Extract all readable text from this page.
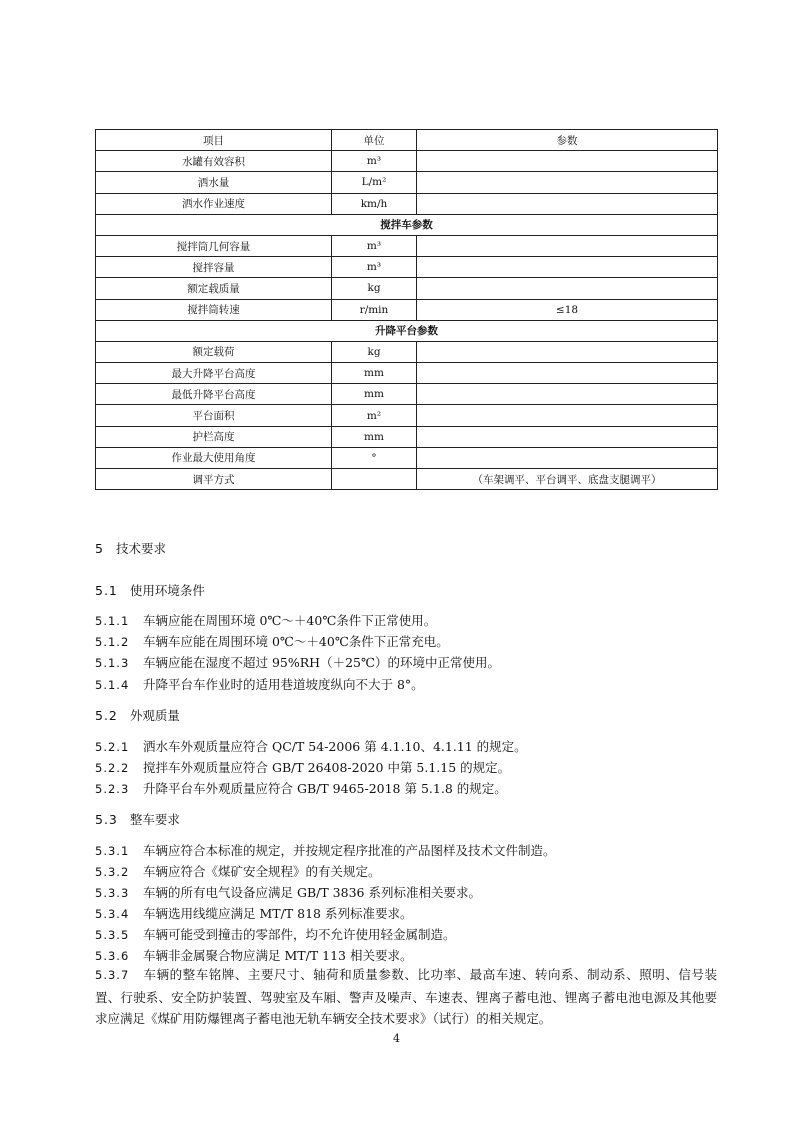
项目	单位	参数
水罐有效容积	m³	
洒水量	L/m²	
洒水作业速度	km/h	
搅拌车参数		
搅拌筒几何容量	m³	
搅拌容量	m³	
额定载质量	kg	
搅拌筒转速	r/min	≤18
升降平台参数		
额定载荷	kg	
最大升降平台高度	mm	
最低升降平台高度	mm	
平台面积	m²	
护栏高度	mm	
作业最大使用角度	°	
调平方式		（车架调平、平台调平、底盘支腿调平）
5 技术要求
5.1 使用环境条件
5.1.1 车辆应能在周围环境 0℃～＋40℃条件下正常使用。
5.1.2 车辆车应能在周围环境 0℃～＋40℃条件下正常充电。
5.1.3 车辆应能在湿度不超过 95%RH（＋25℃）的环境中正常使用。
5.1.4 升降平台车作业时的适用巷道坡度纵向不大于 8°。
5.2 外观质量
5.2.1 洒水车外观质量应符合 QC/T 54-2006 第 4.1.10、4.1.11 的规定。
5.2.2 搅拌车外观质量应符合 GB/T 26408-2020 中第 5.1.15 的规定。
5.2.3 升降平台车外观质量应符合 GB/T 9465-2018 第 5.1.8 的规定。
5.3 整车要求
5.3.1 车辆应符合本标准的规定，并按规定程序批准的产品图样及技术文件制造。
5.3.2 车辆应符合《煤矿安全规程》的有关规定。
5.3.3 车辆的所有电气设备应满足 GB/T 3836 系列标准相关要求。
5.3.4 车辆选用线缆应满足 MT/T 818 系列标准要求。
5.3.5 车辆可能受到撞击的零部件，均不允许使用轻金属制造。
5.3.6 车辆非金属聚合物应满足 MT/T 113 相关要求。
5.3.7 车辆的整车铭牌、主要尺寸、轴荷和质量参数、比功率、最高车速、转向系、制动系、照明、信号装置、行驶系、安全防护装置、驾驶室及车厢、警声及噪声、车速表、锂离子蓄电池、锂离子蓄电池电源及其他要求应满足《煤矿用防爆锂离子蓄电池无轨车辆安全技术要求》（试行）的相关规定。
4
